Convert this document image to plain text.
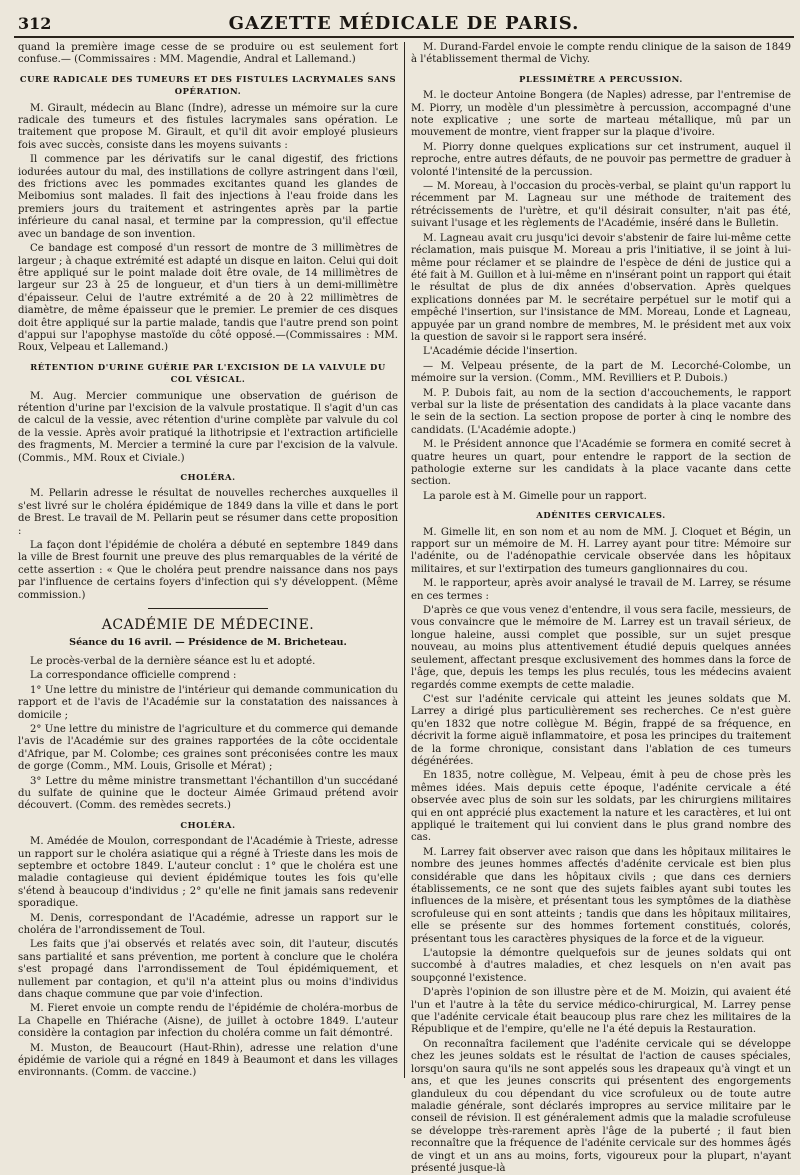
312	GAZETTE MÉDICALE DE PARIS.

quand la première image cesse de se produire ou est seulement fort confuse.— (Commissaires : MM. Magendie, Andral et Lallemand.)

CURE RADICALE DES TUMEURS ET DES FISTULES LACRYMALES SANS OPÉRATION.

M. Girault, médecin au Blanc (Indre), adresse un mémoire sur la cure radicale des tumeurs et des fistules lacrymales sans opération. Le traitement que propose M. Girault, et qu'il dit avoir employé plusieurs fois avec succès, consiste dans les moyens suivants :

Il commence par les dérivatifs sur le canal digestif, des frictions iodurées autour du mal, des instillations de collyre astringent dans l'œil, des frictions avec les pommades excitantes quand les glandes de Meibomius sont malades. Il fait des injections à l'eau froide dans les premiers jours du traitement et astringentes après par la partie inférieure du canal nasal, et termine par la compression, qu'il effectue avec un bandage de son invention.

Ce bandage est composé d'un ressort de montre de 3 millimètres de largeur ; à chaque extrémité est adapté un disque en laiton. Celui qui doit être appliqué sur le point malade doit être ovale, de 14 millimètres de largeur sur 23 à 25 de longueur, et d'un tiers à un demi-millimètre d'épaisseur. Celui de l'autre extrémité a de 20 à 22 millimètres de diamètre, de même épaisseur que le premier. Le premier de ces disques doit être appliqué sur la partie malade, tandis que l'autre prend son point d'appui sur l'apophyse mastoïde du côté opposé.—(Commissaires : MM. Roux, Velpeau et Lallemand.)

RÉTENTION D'URINE GUÉRIE PAR L'EXCISION DE LA VALVULE DU COL VÉSICAL.

M. Aug. Mercier communique une observation de guérison de rétention d'urine par l'excision de la valvule prostatique. Il s'agit d'un cas de calcul de la vessie, avec rétention d'urine complète par valvule du col de la vessie. Après avoir pratiqué la lithotripsie et l'extraction artificielle des fragments, M. Mercier a terminé la cure par l'excision de la valvule. (Commis., MM. Roux et Civiale.)

CHOLÉRA.

M. Pellarin adresse le résultat de nouvelles recherches auxquelles il s'est livré sur le choléra épidémique de 1849 dans la ville et dans le port de Brest. Le travail de M. Pellarin peut se résumer dans cette proposition :

La façon dont l'épidémie de choléra a débuté en septembre 1849 dans la ville de Brest fournit une preuve des plus remarquables de la vérité de cette assertion : « Que le choléra peut prendre naissance dans nos pays par l'influence de certains foyers d'infection qui s'y développent. (Même commission.)

ACADÉMIE DE MÉDECINE.
Séance du 16 avril. — Présidence de M. Bricheteau.

Le procès-verbal de la dernière séance est lu et adopté.

La correspondance officielle comprend :

1° Une lettre du ministre de l'intérieur qui demande communication du rapport et de l'avis de l'Académie sur la constatation des naissances à domicile ;

2° Une lettre du ministre de l'agriculture et du commerce qui demande l'avis de l'Académie sur des graines rapportées de la côte occidentale d'Afrique, par M. Colombe; ces graines sont préconisées contre les maux de gorge (Comm., MM. Louis, Grisolle et Mérat) ;

3° Lettre du même ministre transmettant l'échantillon d'un succédané du sulfate de quinine que le docteur Aimée Grimaud prétend avoir découvert. (Comm. des remèdes secrets.)

CHOLÉRA.

M. Amédée de Moulon, correspondant de l'Académie à Trieste, adresse un rapport sur le choléra asiatique qui a régné à Trieste dans les mois de septembre et octobre 1849. L'auteur conclut : 1° que le choléra est une maladie contagieuse qui devient épidémique toutes les fois qu'elle s'étend à beaucoup d'individus ; 2° qu'elle ne finit jamais sans redevenir sporadique.

M. Denis, correspondant de l'Académie, adresse un rapport sur le choléra de l'arrondissement de Toul.

Les faits que j'ai observés et relatés avec soin, dit l'auteur, discutés sans partialité et sans prévention, me portent à conclure que le choléra s'est propagé dans l'arrondissement de Toul épidémiquement, et nullement par contagion, et qu'il n'a atteint plus ou moins d'individus dans chaque commune que par voie d'infection.

M. Fieret envoie un compte rendu de l'épidémie de choléra-morbus de La Chapelle en Thiérache (Aisne), de juillet à octobre 1849. L'auteur considère la contagion par infection du choléra comme un fait démontré.

M. Muston, de Beaucourt (Haut-Rhin), adresse une relation d'une épidémie de variole qui a régné en 1849 à Beaumont et dans les villages environnants. (Comm. de vaccine.)

M. Durand-Fardel envoie le compte rendu clinique de la saison de 1849 à l'établissement thermal de Vichy.

PLESSIMÈTRE A PERCUSSION.

M. le docteur Antoine Bongera (de Naples) adresse, par l'entremise de M. Piorry, un modèle d'un plessimètre à percussion, accompagné d'une note explicative ; une sorte de marteau métallique, mû par un mouvement de montre, vient frapper sur la plaque d'ivoire.

M. Piorry donne quelques explications sur cet instrument, auquel il reproche, entre autres défauts, de ne pouvoir pas permettre de graduer à volonté l'intensité de la percussion.

— M. Moreau, à l'occasion du procès-verbal, se plaint qu'un rapport lu récemment par M. Lagneau sur une méthode de traitement des rétrécissements de l'urètre, et qu'il désirait consulter, n'ait pas été, suivant l'usage et les règlements de l'Académie, inséré dans le Bulletin.

M. Lagneau avait cru jusqu'ici devoir s'abstenir de faire lui-même cette réclamation, mais puisque M. Moreau a pris l'initiative, il se joint à lui-même pour réclamer et se plaindre de l'espèce de déni de justice qui a été fait à M. Guillon et à lui-même en n'insérant point un rapport qui était le résultat de plus de dix années d'observation. Après quelques explications données par M. le secrétaire perpétuel sur le motif qui a empêché l'insertion, sur l'insistance de MM. Moreau, Londe et Lagneau, appuyée par un grand nombre de membres, M. le président met aux voix la question de savoir si le rapport sera inséré.

L'Académie décide l'insertion.

— M. Velpeau présente, de la part de M. Lecorché-Colombe, un mémoire sur la version. (Comm., MM. Revilliers et P. Dubois.)

M. P. Dubois fait, au nom de la section d'accouchements, le rapport verbal sur la liste de présentation des candidats à la place vacante dans le sein de la section. La section propose de porter à cinq le nombre des candidats. (L'Académie adopte.)

M. le Président annonce que l'Académie se formera en comité secret à quatre heures un quart, pour entendre le rapport de la section de pathologie externe sur les candidats à la place vacante dans cette section.

La parole est à M. Gimelle pour un rapport.

ADÉNITES CERVICALES.

M. Gimelle lit, en son nom et au nom de MM. J. Cloquet et Bégin, un rapport sur un mémoire de M. H. Larrey ayant pour titre: Mémoire sur l'adénite, ou de l'adénopathie cervicale observée dans les hôpitaux militaires, et sur l'extirpation des tumeurs ganglionnaires du cou.

M. le rapporteur, après avoir analysé le travail de M. Larrey, se résume en ces termes :

D'après ce que vous venez d'entendre, il vous sera facile, messieurs, de vous convaincre que le mémoire de M. Larrey est un travail sérieux, de longue haleine, aussi complet que possible, sur un sujet presque nouveau, au moins plus attentivement étudié depuis quelques années seulement, affectant presque exclusivement des hommes dans la force de l'âge, que, depuis les temps les plus reculés, tous les médecins avaient regardés comme exempts de cette maladie.

C'est sur l'adénite cervicale qui atteint les jeunes soldats que M. Larrey a dirigé plus particulièrement ses recherches. Ce n'est guère qu'en 1832 que notre collègue M. Bégin, frappé de sa fréquence, en décrivit la forme aiguë inflammatoire, et posa les principes du traitement de la forme chronique, consistant dans l'ablation de ces tumeurs dégénérées.

En 1835, notre collègue, M. Velpeau, émit à peu de chose près les mêmes idées. Mais depuis cette époque, l'adénite cervicale a été observée avec plus de soin sur les soldats, par les chirurgiens militaires qui en ont apprécié plus exactement la nature et les caractères, et lui ont appliqué le traitement qui lui convient dans le plus grand nombre des cas.

M. Larrey fait observer avec raison que dans les hôpitaux militaires le nombre des jeunes hommes affectés d'adénite cervicale est bien plus considérable que dans les hôpitaux civils ; que dans ces derniers établissements, ce ne sont que des sujets faibles ayant subi toutes les influences de la misère, et présentant tous les symptômes de la diathèse scrofuleuse qui en sont atteints ; tandis que dans les hôpitaux militaires, elle se présente sur des hommes fortement constitués, colorés, présentant tous les caractères physiques de la force et de la vigueur.

L'autopsie la démontre quelquefois sur de jeunes soldats qui ont succombé à d'autres maladies, et chez lesquels on n'en avait pas soupçonné l'existence.

D'après l'opinion de son illustre père et de M. Moizin, qui avaient été l'un et l'autre à la tête du service médico-chirurgical, M. Larrey pense que l'adénite cervicale était beaucoup plus rare chez les militaires de la République et de l'empire, qu'elle ne l'a été depuis la Restauration.

On reconnaîtra facilement que l'adénite cervicale qui se développe chez les jeunes soldats est le résultat de l'action de causes spéciales, lorsqu'on saura qu'ils ne sont appelés sous les drapeaux qu'à vingt et un ans, et que les jeunes conscrits qui présentent des engorgements glanduleux du cou dépendant du vice scrofuleux ou de toute autre maladie générale, sont déclarés impropres au service militaire par le conseil de révision. Il est généralement admis que la maladie scrofuleuse se développe très-rarement après l'âge de la puberté ; il faut bien reconnaître que la fréquence de l'adénite cervicale sur des hommes âgés de vingt et un ans au moins, forts, vigoureux pour la plupart, n'ayant présenté jusque-là
